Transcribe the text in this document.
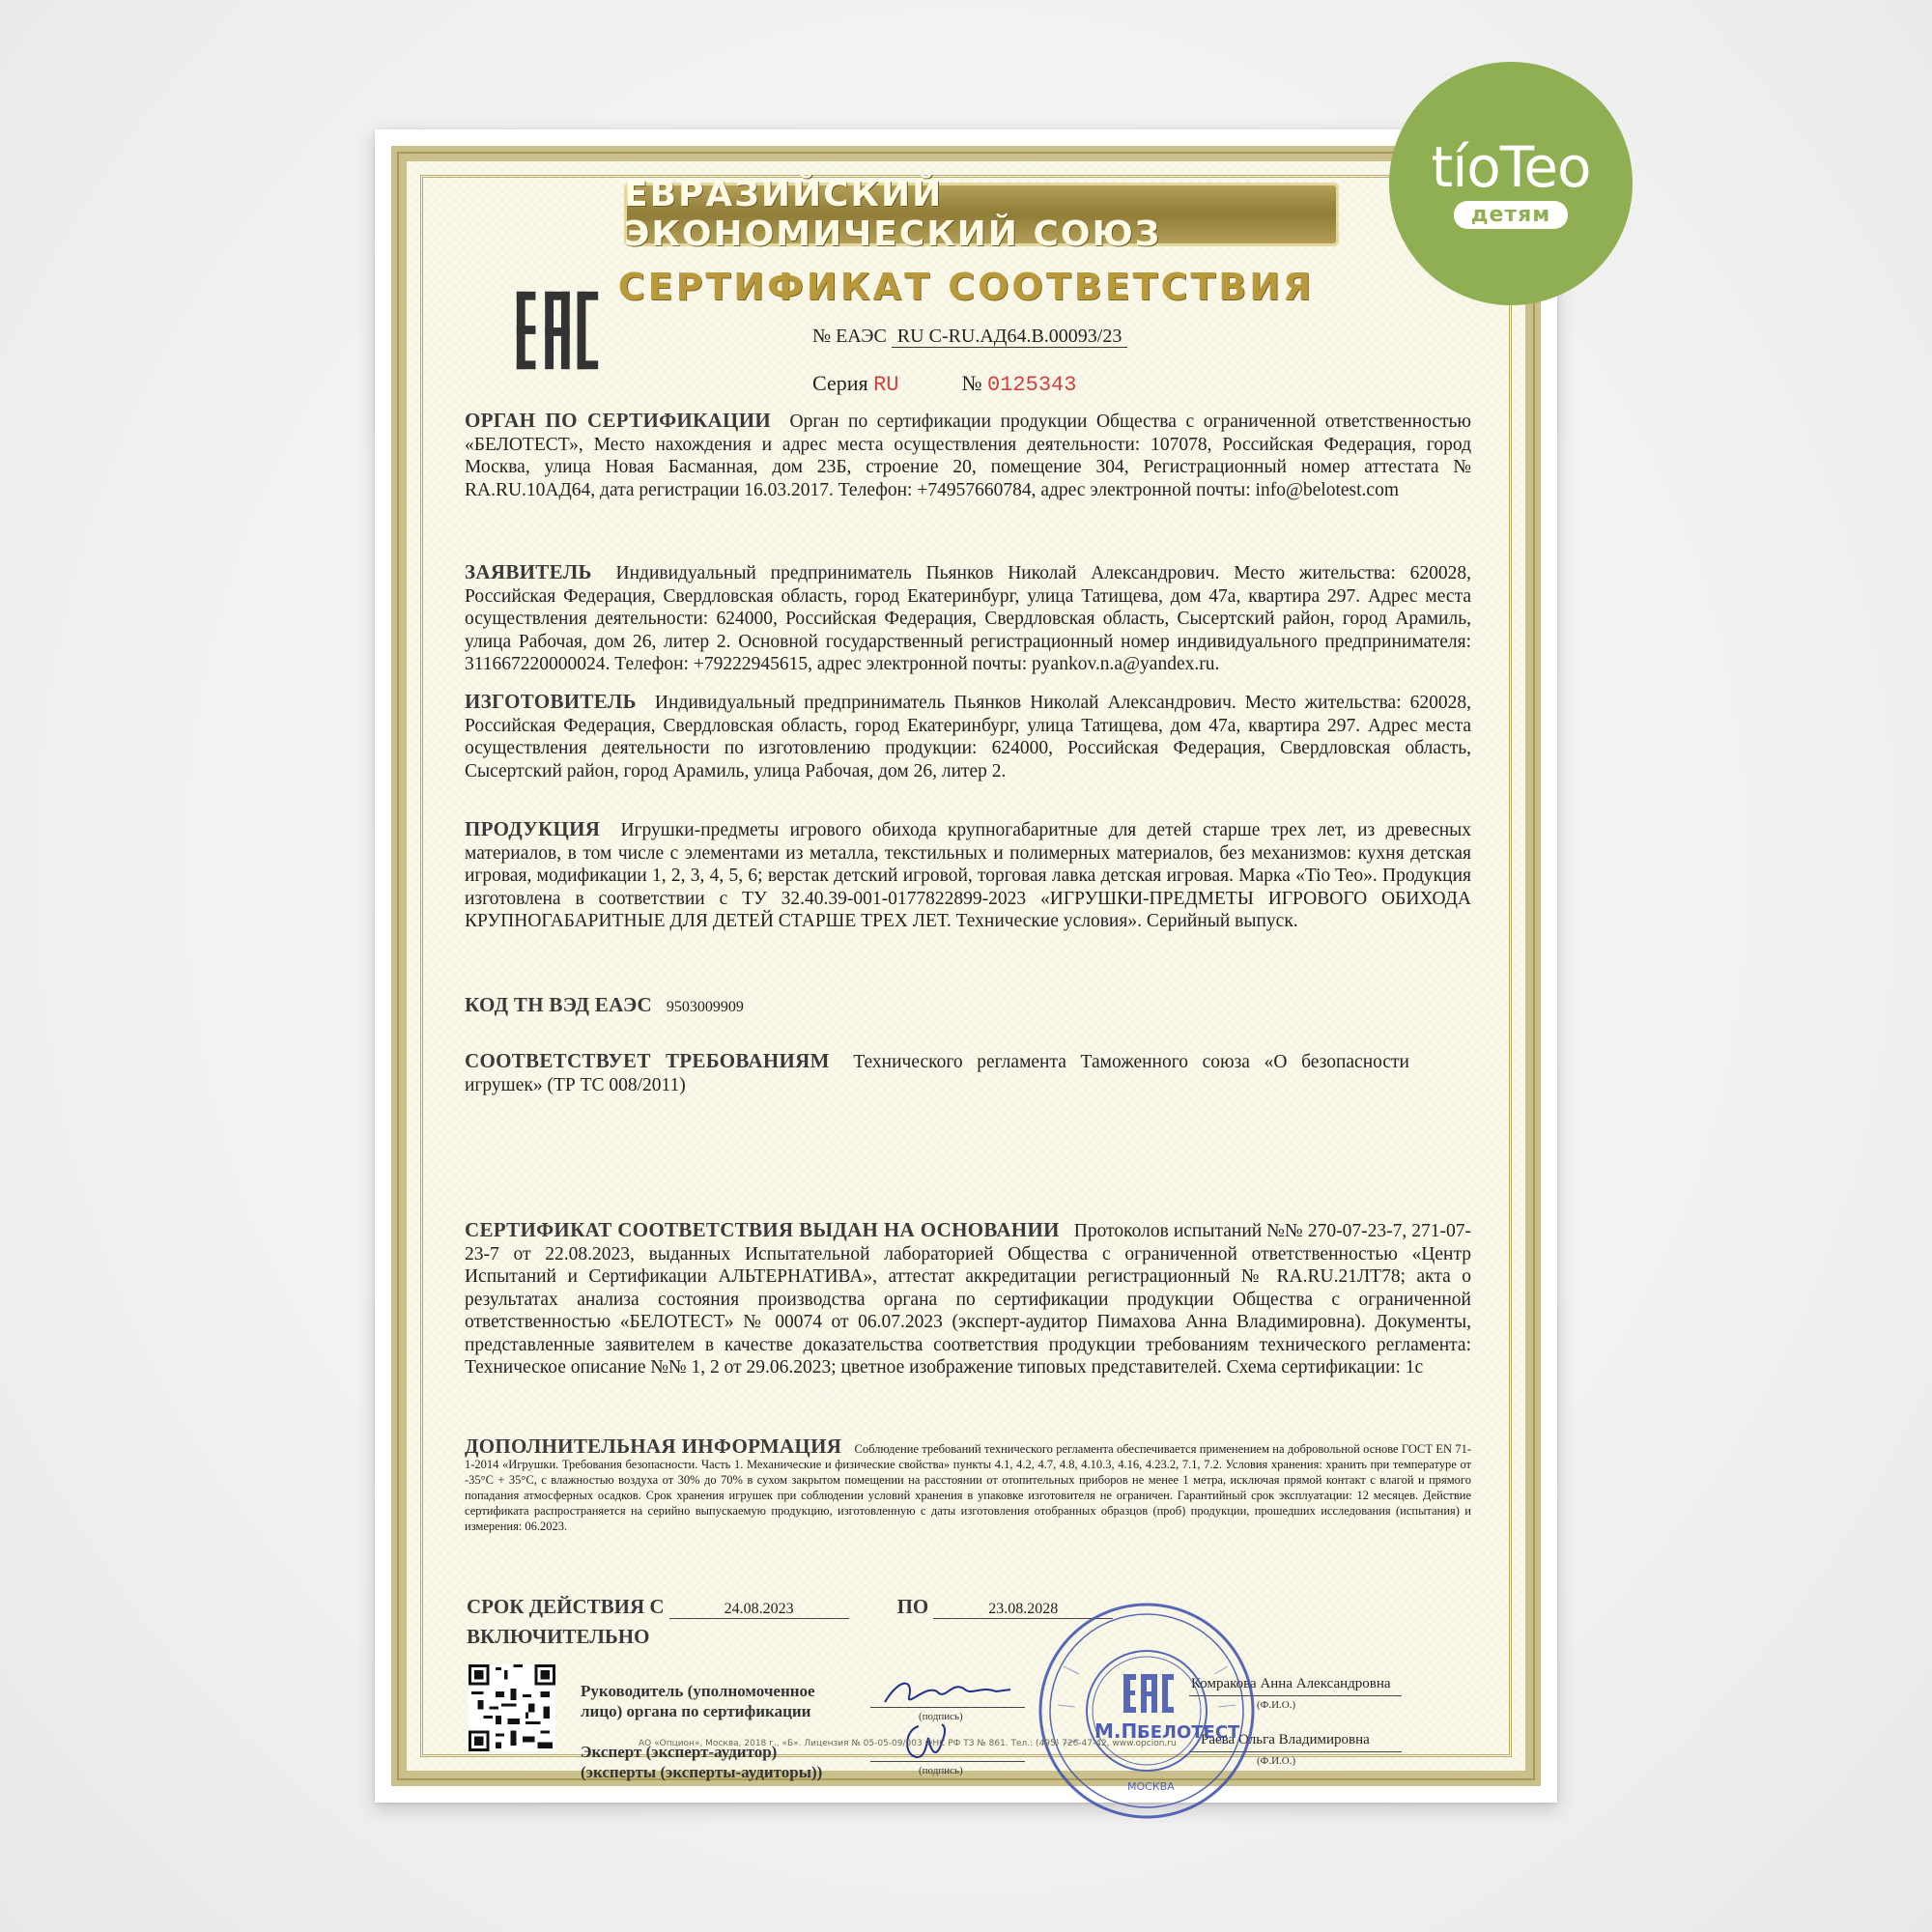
ЕВРАЗИЙСКИЙ ЭКОНОМИЧЕСКИЙ СОЮЗ
СЕРТИФИКАТ СООТВЕТСТВИЯ
№ ЕАЭС RU C-RU.АД64.В.00093/23
Серия RU	№ 0125343
ОРГАН ПО СЕРТИФИКАЦИИ Орган по сертификации продукции Общества с ограниченной ответственностью «БЕЛОТЕСТ», Место нахождения и адрес места осуществления деятельности: 107078, Российская Федерация, город Москва, улица Новая Басманная, дом 23Б, строение 20, помещение 304, Регистрационный номер аттестата № RA.RU.10АД64, дата регистрации 16.03.2017. Телефон: +74957660784, адрес электронной почты: info@belotest.com
ЗАЯВИТЕЛЬ Индивидуальный предприниматель Пьянков Николай Александрович. Место жительства: 620028, Российская Федерация, Свердловская область, город Екатеринбург, улица Татищева, дом 47а, квартира 297. Адрес места осуществления деятельности: 624000, Российская Федерация, Свердловская область, Сысертский район, город Арамиль, улица Рабочая, дом 26, литер 2. Основной государственный регистрационный номер индивидуального предпринимателя: 311667220000024. Телефон: +79222945615, адрес электронной почты: pyankov.n.a@yandex.ru.
ИЗГОТОВИТЕЛЬ Индивидуальный предприниматель Пьянков Николай Александрович. Место жительства: 620028, Российская Федерация, Свердловская область, город Екатеринбург, улица Татищева, дом 47а, квартира 297. Адрес места осуществления деятельности по изготовлению продукции: 624000, Российская Федерация, Свердловская область, Сысертский район, город Арамиль, улица Рабочая, дом 26, литер 2.
ПРОДУКЦИЯ Игрушки-предметы игрового обихода крупногабаритные для детей старше трех лет, из древесных материалов, в том числе с элементами из металла, текстильных и полимерных материалов, без механизмов: кухня детская игровая, модификации 1, 2, 3, 4, 5, 6; верстак детский игровой, торговая лавка детская игровая. Марка «Tio Teo». Продукция изготовлена в соответствии с ТУ 32.40.39-001-0177822899-2023 «ИГРУШКИ-ПРЕДМЕТЫ ИГРОВОГО ОБИХОДА КРУПНОГАБАРИТНЫЕ ДЛЯ ДЕТЕЙ СТАРШЕ ТРЕХ ЛЕТ. Технические условия». Серийный выпуск.
КОД ТН ВЭД ЕАЭС 9503009909
СООТВЕТСТВУЕТ ТРЕБОВАНИЯМ Технического регламента Таможенного союза «О безопасности игрушек» (ТР ТС 008/2011)
СЕРТИФИКАТ СООТВЕТСТВИЯ ВЫДАН НА ОСНОВАНИИ Протоколов испытаний №№ 270-07-23-7, 271-07-23-7 от 22.08.2023, выданных Испытательной лабораторией Общества с ограниченной ответственностью «Центр Испытаний и Сертификации АЛЬТЕРНАТИВА», аттестат аккредитации регистрационный № RA.RU.21ЛТ78; акта о результатах анализа состояния производства органа по сертификации продукции Общества с ограниченной ответственностью «БЕЛОТЕСТ» № 00074 от 06.07.2023 (эксперт-аудитор Пимахова Анна Владимировна). Документы, представленные заявителем в качестве доказательства соответствия продукции требованиям технического регламента: Техническое описание №№ 1, 2 от 29.06.2023; цветное изображение типовых представителей. Схема сертификации: 1с
ДОПОЛНИТЕЛЬНАЯ ИНФОРМАЦИЯ Соблюдение требований технического регламента обеспечивается применением на добровольной основе ГОСТ EN 71-1-2014 «Игрушки. Требования безопасности. Часть 1. Механические и физические свойства» пункты 4.1, 4.2, 4.7, 4.8, 4.10.3, 4.16, 4.23.2, 7.1, 7.2. Условия хранения: хранить при температуре от -35°C + 35°C, с влажностью воздуха от 30% до 70% в сухом закрытом помещении на расстоянии от отопительных приборов не менее 1 метра, исключая прямой контакт с влагой и прямого попадания атмосферных осадков. Срок хранения игрушек при соблюдении условий хранения в упаковке изготовителя не ограничен. Гарантийный срок эксплуатации: 12 месяцев. Действие сертификата распространяется на серийно выпускаемую продукцию, изготовленную с даты изготовления отобранных образцов (проб) продукции, прошедших исследования (испытания) и измерения: 06.2023.
СРОК ДЕЙСТВИЯ С	24.08.2023	ПО	23.08.2028
ВКЛЮЧИТЕЛЬНО
Руководитель (уполномоченное
лицо) органа по сертификации
Эксперт (эксперт-аудитор)
(эксперты (эксперты-аудиторы))
(подпись)
(подпись)
Комракова Анна Александровна
(Ф.И.О.)
Раева Ольга Владимировна
(Ф.И.О.)
М.П.
БЕЛОТЕСТ
МОСКВА
АО «Опцион», Москва, 2018 г., «Б». Лицензия № 05-05-09/003 ФНС РФ ТЗ № 861. Тел.: (495) 726-47-42, www.opcion.ru
tíoTeo
детям
